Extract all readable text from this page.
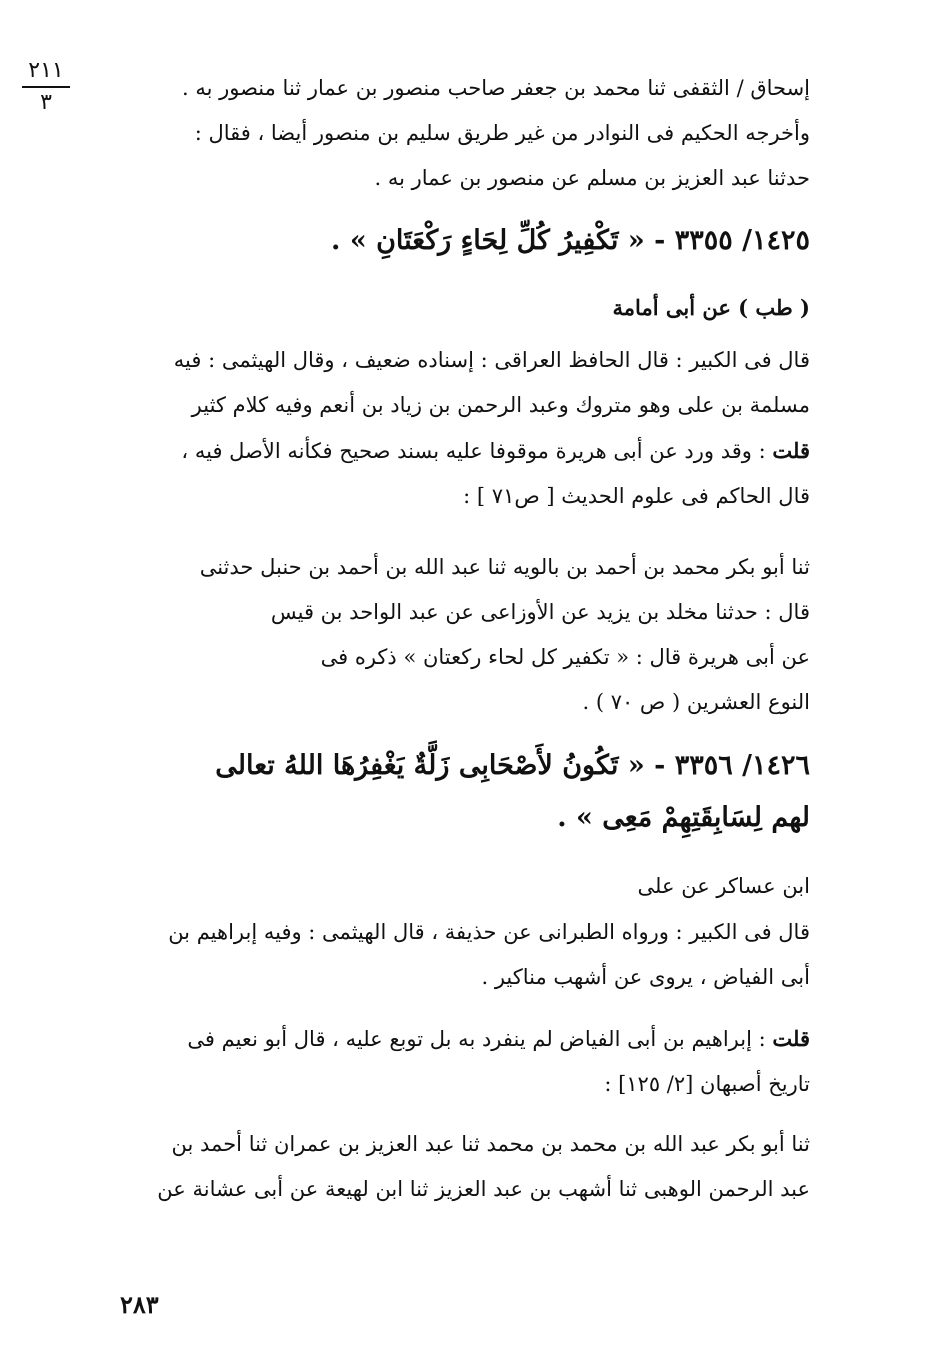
٢١١
٣

إسحاق / الثقفى ثنا محمد بن جعفر صاحب منصور بن عمار ثنا منصور به .

وأخرجه الحكيم فى النوادر من غير طريق سليم بن منصور أيضا ، فقال :

حدثنا عبد العزيز بن مسلم عن منصور بن عمار به .

١٤٢٥/ ٣٣٥٥ - « تَكْفِيرُ كُلِّ لِحَاءٍ رَكْعَتَانِ » .

( طب ) عن أبى أمامة

قال فى الكبير : قال الحافظ العراقى : إسناده ضعيف ، وقال الهيثمى : فيه

مسلمة بن على وهو متروك وعبد الرحمن بن زياد بن أنعم وفيه كلام كثير

قلت : وقد ورد عن أبى هريرة موقوفا عليه بسند صحيح فكأنه الأصل فيه ،

قال الحاكم فى علوم الحديث [ ص٧١ ] :

ثنا أبو بكر محمد بن أحمد بن بالويه ثنا عبد الله بن أحمد بن حنبل حدثنى

قال : حدثنا مخلد بن يزيد عن الأوزاعى عن عبد الواحد بن قيس

عن أبى هريرة قال : « تكفير كل لحاء ركعتان » ذكره فى

النوع العشرين ( ص ٧٠ ) .

١٤٢٦/ ٣٣٥٦ - « تَكُونُ لأَصْحَابِى زَلَّةٌ يَغْفِرُهَا اللهُ تعالى
لهم لِسَابِقَتِهِمْ مَعِى » .

ابن عساكر عن على

قال فى الكبير : ورواه الطبرانى عن حذيفة ، قال الهيثمى : وفيه إبراهيم بن

أبى الفياض ، يروى عن أشهب مناكير .

قلت : إبراهيم بن أبى الفياض لم ينفرد به بل توبع عليه ، قال أبو نعيم فى

تاريخ أصبهان [٢/ ١٢٥] :

ثنا أبو بكر عبد الله بن محمد بن محمد ثنا عبد العزيز بن عمران ثنا أحمد بن

عبد الرحمن الوهبى ثنا أشهب بن عبد العزيز ثنا ابن لهيعة عن أبى عشانة عن

٢٨٣
